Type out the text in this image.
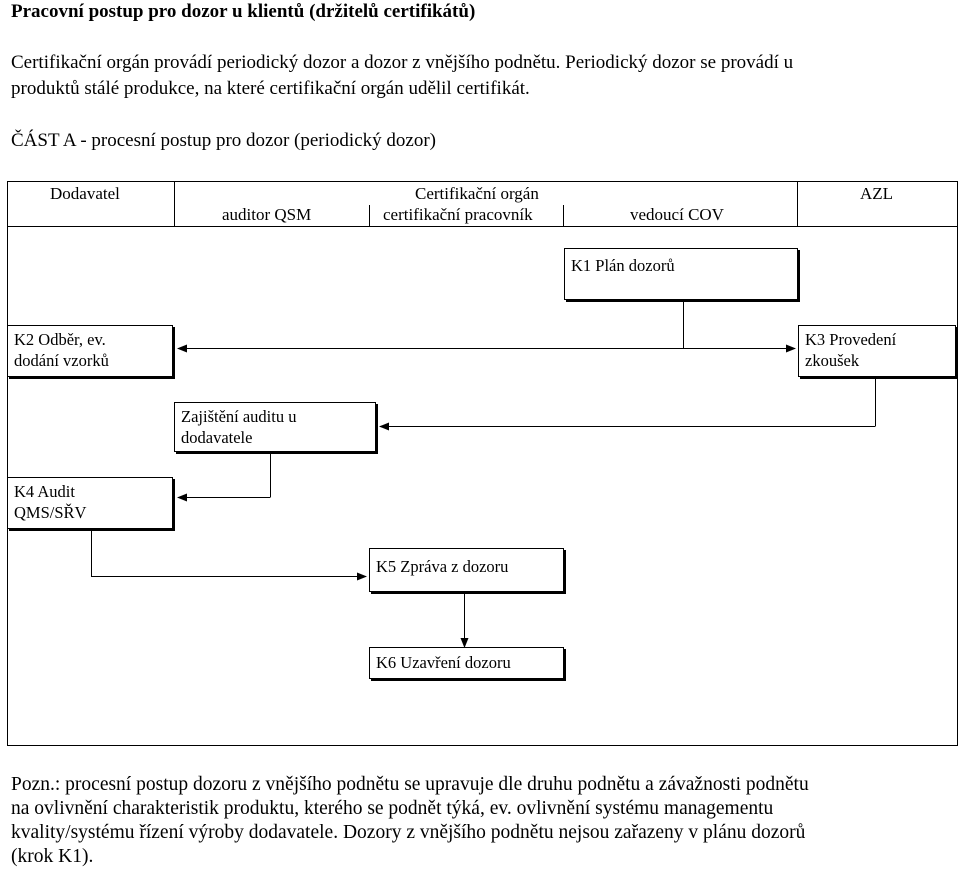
Pracovní postup pro dozor u klientů (držitelů certifikátů)
Certifikační orgán provádí periodický dozor a dozor z vnějšího podnětu. Periodický dozor se provádí u
produktů stálé produkce, na které certifikační orgán udělil certifikát.
ČÁST A - procesní postup pro dozor (periodický dozor)
Dodavatel	Certifikační orgán
auditor QSM	certifikační pracovník	vedoucí COV
AZL
K1 Plán dozorů
K2 Odběr, ev.
dodání vzorků
K3 Provedení
zkoušek
Zajištění auditu u
dodavatele
K4 Audit
QMS/SŘV
K5 Zpráva z dozoru
K6 Uzavření dozoru
Pozn.: procesní postup dozoru z vnějšího podnětu se upravuje dle druhu podnětu a závažnosti podnětu
na ovlivnění charakteristik produktu, kterého se podnět týká, ev. ovlivnění systému managementu
kvality/systému řízení výroby dodavatele. Dozory z vnějšího podnětu nejsou zařazeny v plánu dozorů
(krok K1).
